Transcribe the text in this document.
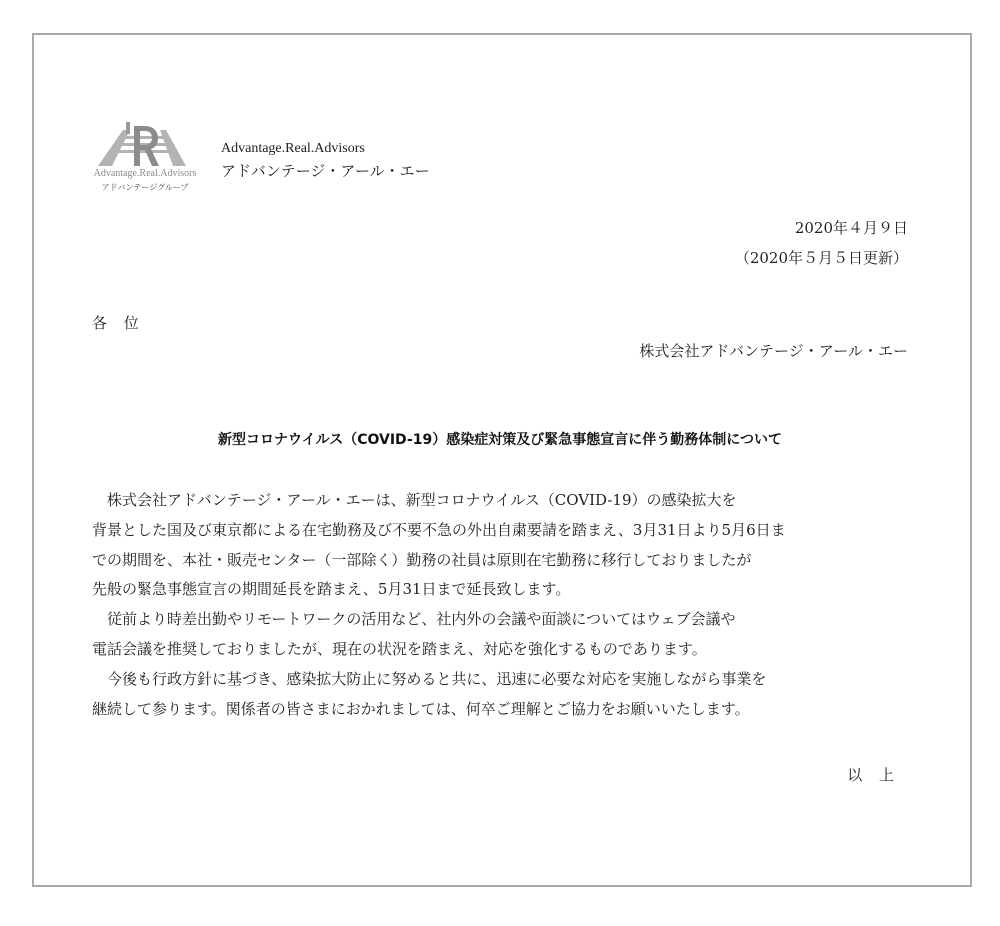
Advantage.Real.Advisors
アドバンテージグループ
Advantage.Real.Advisors
アドバンテージ・アール・エー
2020年４月９日
（2020年５月５日更新）
各 位
株式会社アドバンテージ・アール・エー
新型コロナウイルス（COVID-19）感染症対策及び緊急事態宣言に伴う勤務体制について
　株式会社アドバンテージ・アール・エーは、新型コロナウイルス（COVID-19）の感染拡大を
背景とした国及び東京都による在宅勤務及び不要不急の外出自粛要請を踏まえ、3月31日より5月6日ま
での期間を、本社・販売センター（一部除く）勤務の社員は原則在宅勤務に移行しておりましたが
先般の緊急事態宣言の期間延長を踏まえ、5月31日まで延長致します。
　従前より時差出勤やリモートワークの活用など、社内外の会議や面談についてはウェブ会議や
電話会議を推奨しておりましたが、現在の状況を踏まえ、対応を強化するものであります。
　今後も行政方針に基づき、感染拡大防止に努めると共に、迅速に必要な対応を実施しながら事業を
継続して参ります。関係者の皆さまにおかれましては、何卒ご理解とご協力をお願いいたします。
以 上
